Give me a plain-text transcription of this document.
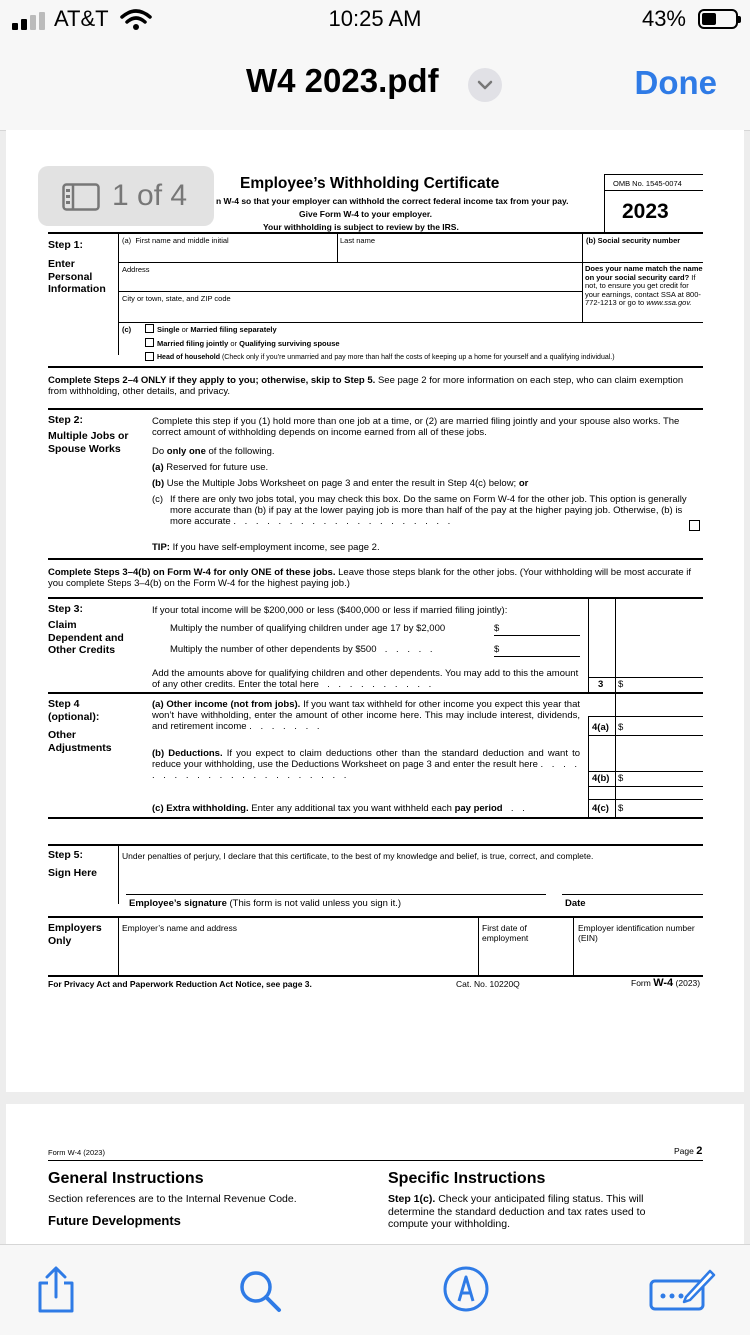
AT&T	10:25 AM	43%
W4 2023.pdf	Done
Employee’s Withholding Certificate
n W-4 so that your employer can withhold the correct federal income tax from your pay.
Give Form W-4 to your employer.
Your withholding is subject to review by the IRS.
OMB No. 1545-0074
2023
Step 1:
Enter Personal Information
(a) First name and middle initial	Last name	(b) Social security number
Address	Does your name match the name on your social security card? If not, to ensure you get credit for your earnings, contact SSA at 800-772-1213 or go to www.ssa.gov.
City or town, state, and ZIP code
(c)	Single or Married filing separately
Married filing jointly or Qualifying surviving spouse
Head of household (Check only if you’re unmarried and pay more than half the costs of keeping up a home for yourself and a qualifying individual.)
Complete Steps 2–4 ONLY if they apply to you; otherwise, skip to Step 5. See page 2 for more information on each step, who can claim exemption from withholding, other details, and privacy.
Step 2:
Multiple Jobs or Spouse Works
Complete this step if you (1) hold more than one job at a time, or (2) are married filing jointly and your spouse also works. The correct amount of withholding depends on income earned from all of these jobs.
Do only one of the following.
(a) Reserved for future use.
(b) Use the Multiple Jobs Worksheet on page 3 and enter the result in Step 4(c) below; or
(c) If there are only two jobs total, you may check this box. Do the same on Form W-4 for the other job. This option is generally more accurate than (b) if pay at the lower paying job is more than half of the pay at the higher paying job. Otherwise, (b) is more accurate . . . . . . . . . . . . . . . . . . . .
TIP: If you have self-employment income, see page 2.
Complete Steps 3–4(b) on Form W-4 for only ONE of these jobs. Leave those steps blank for the other jobs. (Your withholding will be most accurate if you complete Steps 3–4(b) on the Form W-4 for the highest paying job.)
Step 3:
Claim Dependent and Other Credits
If your total income will be $200,000 or less ($400,000 or less if married filing jointly):
Multiply the number of qualifying children under age 17 by $2,000	$
Multiply the number of other dependents by $500  . . . . .	$
Add the amounts above for qualifying children and other dependents. You may add to this the amount of any other credits. Enter the total here  . . . . . . . . . .	3 $
Step 4 (optional):
Other Adjustments
(a) Other income (not from jobs). If you want tax withheld for other income you expect this year that won’t have withholding, enter the amount of other income here. This may include interest, dividends, and retirement income . . . . . . .	4(a) $
(b) Deductions. If you expect to claim deductions other than the standard deduction and want to reduce your withholding, use the Deductions Worksheet on page 3 and enter the result here . . . . . . . . . . . . . . . . . . . . . .	4(b) $
(c) Extra withholding. Enter any additional tax you want withheld each pay period  . .	4(c) $
Step 5:
Sign Here
Under penalties of perjury, I declare that this certificate, to the best of my knowledge and belief, is true, correct, and complete.
Employee’s signature (This form is not valid unless you sign it.)	Date
Employers Only
Employer’s name and address	First date of employment
Employer identification number (EIN)
For Privacy Act and Paperwork Reduction Act Notice, see page 3.	Cat. No. 10220Q	Form W-4 (2023)
1 of 4
Form W-4 (2023)	Page 2
General Instructions
Section references are to the Internal Revenue Code.
Future Developments
Specific Instructions
Step 1(c). Check your anticipated filing status. This will determine the standard deduction and tax rates used to compute your withholding.
